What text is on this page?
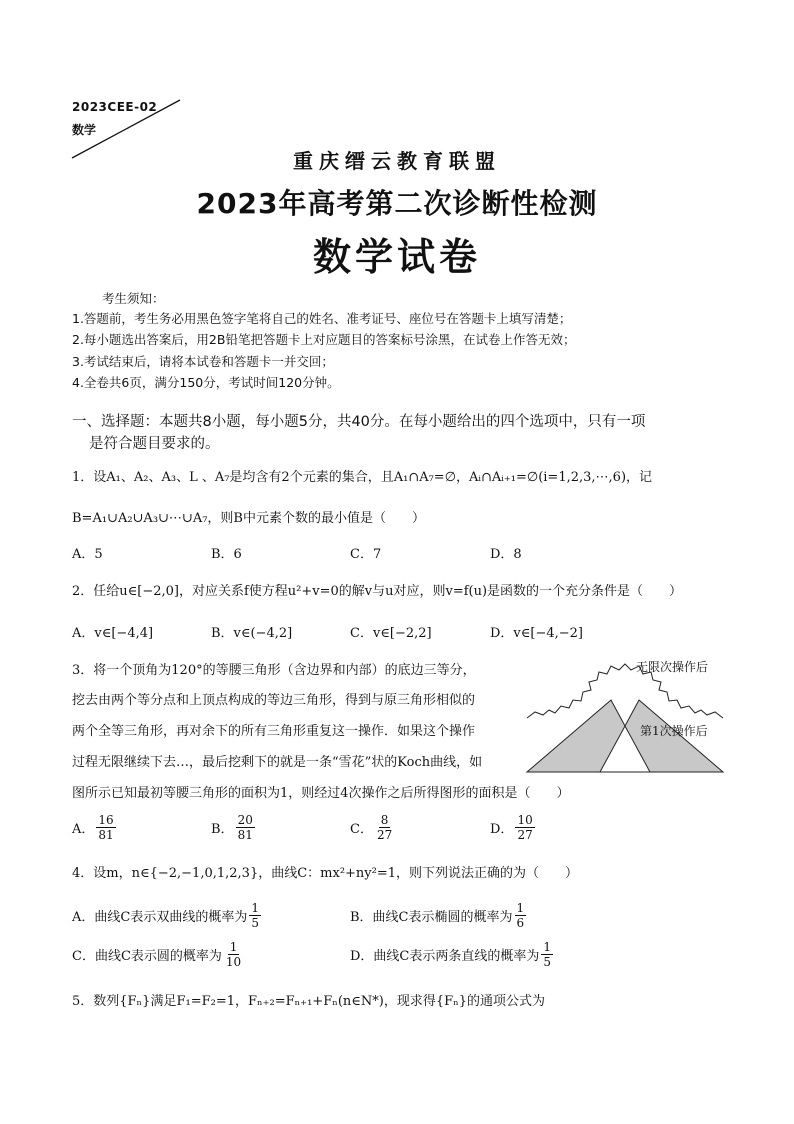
2023CEE-02
数学
重庆缙云教育联盟
2023年高考第二次诊断性检测
数学试卷
考生须知：
1.答题前，考生务必用黑色签字笔将自己的姓名、准考证号、座位号在答题卡上填写清楚；
2.每小题选出答案后，用2B铅笔把答题卡上对应题目的答案标号涂黑，在试卷上作答无效；
3.考试结束后，请将本试卷和答题卡一并交回；
4.全卷共6页，满分150分，考试时间120分钟。
一、选择题：本题共8小题，每小题5分，共40分。在每小题给出的四个选项中，只有一项
是符合题目要求的。
1．设A₁、A₂、A₃、L 、A₇是均含有2个元素的集合，且A₁∩A₇=∅，Aᵢ∩Aᵢ₊₁=∅(i=1,2,3,⋯,6)，记
B=A₁∪A₂∪A₃∪⋯∪A₇，则B中元素个数的最小值是（　　）
A．5	B．6	C．7	D．8
2．任给u∈[−2,0]，对应关系f使方程u²+v=0的解v与u对应，则v=f(u)是函数的一个充分条件是（　　）
A．v∈[−4,4]	B．v∈(−4,2]	C．v∈[−2,2]	D．v∈[−4,−2]
3．将一个顶角为120°的等腰三角形（含边界和内部）的底边三等分，
挖去由两个等分点和上顶点构成的等边三角形，得到与原三角形相似的
两个全等三角形，再对余下的所有三角形重复这一操作．如果这个操作
过程无限继续下去…，最后挖剩下的就是一条“雪花”状的Koch曲线，如
图所示已知最初等腰三角形的面积为1，则经过4次操作之后所得图形的面积是（　　）
无限次操作后
第1次操作后
A． $\frac{16}{81}$	B． $\frac{20}{81}$	C． $\frac{8}{27}$	D． $\frac{10}{27}$
4．设m，n∈{−2,−1,0,1,2,3}，曲线C：mx²+ny²=1，则下列说法正确的为（　　）
A．曲线C表示双曲线的概率为 $\frac{1}{5}$	B．曲线C表示椭圆的概率为 $\frac{1}{6}$
C．曲线C表示圆的概率为 $\frac{1}{10}$	D．曲线C表示两条直线的概率为 $\frac{1}{5}$
5．数列{Fₙ}满足F₁=F₂=1，Fₙ₊₂=Fₙ₊₁+Fₙ(n∈N*)，现求得{Fₙ}的通项公式为
